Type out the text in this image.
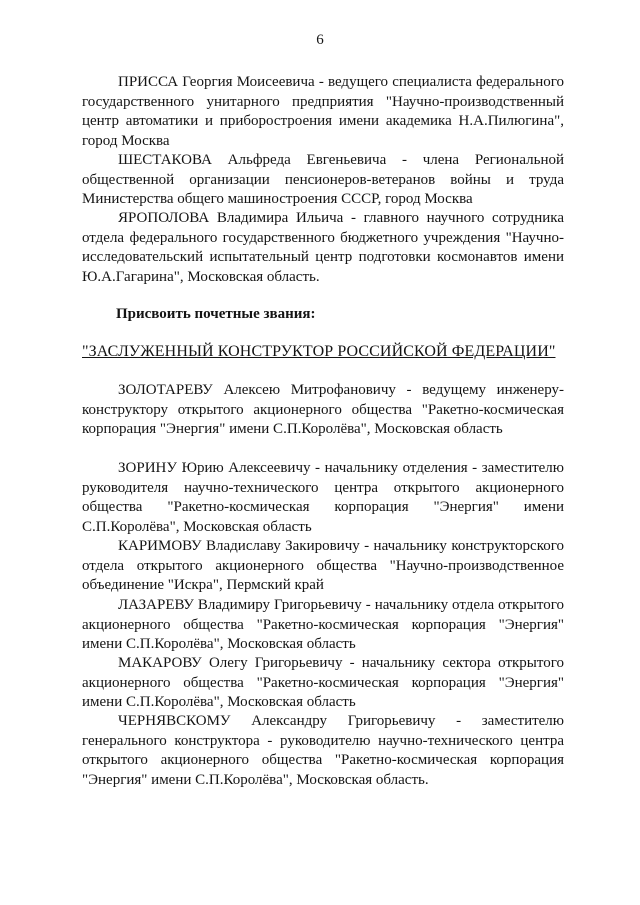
6

ПРИССА Георгия Моисеевича - ведущего специалиста федерального государственного унитарного предприятия "Научно-производственный центр автоматики и приборостроения имени академика Н.А.Пилюгина", город Москва

ШЕСТАКОВА Альфреда Евгеньевича - члена Региональной общественной организации пенсионеров-ветеранов войны и труда Министерства общего машиностроения СССР, город Москва

ЯРОПОЛОВА Владимира Ильича - главного научного сотрудника отдела федерального государственного бюджетного учреждения "Научно-исследовательский испытательный центр подготовки космонавтов имени Ю.А.Гагарина", Московская область.

Присвоить почетные звания:

"ЗАСЛУЖЕННЫЙ КОНСТРУКТОР РОССИЙСКОЙ ФЕДЕРАЦИИ"

ЗОЛОТАРЕВУ Алексею Митрофановичу - ведущему инженеру-конструктору открытого акционерного общества "Ракетно-космическая корпорация "Энергия" имени С.П.Королёва", Московская область

ЗОРИНУ Юрию Алексеевичу - начальнику отделения - заместителю руководителя научно-технического центра открытого акционерного общества "Ракетно-космическая корпорация "Энергия" имени С.П.Королёва", Московская область

КАРИМОВУ Владиславу Закировичу - начальнику конструкторского отдела открытого акционерного общества "Научно-производственное объединение "Искра", Пермский край

ЛАЗАРЕВУ Владимиру Григорьевичу - начальнику отдела открытого акционерного общества "Ракетно-космическая корпорация "Энергия" имени С.П.Королёва", Московская область

МАКАРОВУ Олегу Григорьевичу - начальнику сектора открытого акционерного общества "Ракетно-космическая корпорация "Энергия" имени С.П.Королёва", Московская область

ЧЕРНЯВСКОМУ Александру Григорьевичу - заместителю генерального конструктора - руководителю научно-технического центра открытого акционерного общества "Ракетно-космическая корпорация "Энергия" имени С.П.Королёва", Московская область.
